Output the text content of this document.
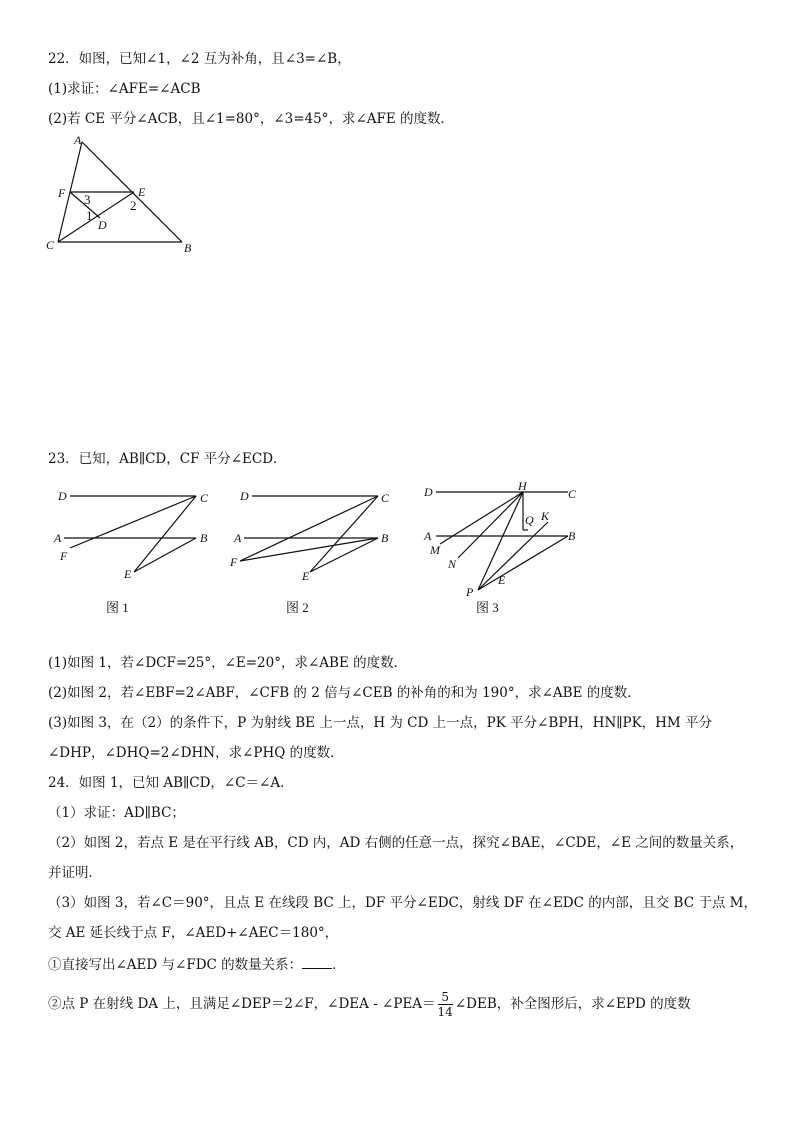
22．如图，已知∠1，∠2 互为补角，且∠3=∠B，
(1)求证：∠AFE=∠ACB
(2)若 CE 平分∠ACB，且∠1=80°，∠3=45°，求∠AFE 的度数．
A
F	E
C	B
D
1
2
3
23．已知，AB∥CD，CF 平分∠ECD．
D	C
A	B
F
E
图 1
D	C
A	B
F
E
图 2
D	H
C
A	B
M
N
Q K
E
P
图 3
(1)如图 1，若∠DCF=25°，∠E=20°，求∠ABE 的度数．
(2)如图 2，若∠EBF=2∠ABF，∠CFB 的 2 倍与∠CEB 的补角的和为 190°，求∠ABE 的度数．
(3)如图 3，在（2）的条件下，P 为射线 BE 上一点，H 为 CD 上一点，PK 平分∠BPH，HN∥PK，HM 平分
∠DHP，∠DHQ=2∠DHN，求∠PHQ 的度数．
24．如图 1，已知 AB∥CD，∠C＝∠A．
（1）求证：AD∥BC；
（2）如图 2，若点 E 是在平行线 AB，CD 内，AD 右侧的任意一点，探究∠BAE，∠CDE，∠E 之间的数量关系，
并证明．
（3）如图 3，若∠C＝90°，且点 E 在线段 BC 上，DF 平分∠EDC，射线 DF 在∠EDC 的内部，且交 BC 于点 M，
交 AE 延长线于点 F，∠AED+∠AEC＝180°，
①直接写出∠AED 与∠FDC 的数量关系： ．
②点 P 在射线 DA 上，且满足∠DEP＝2∠F，∠DEA - ∠PEA＝ $\frac{5}{14}$ ∠DEB，补全图形后，求∠EPD 的度数
